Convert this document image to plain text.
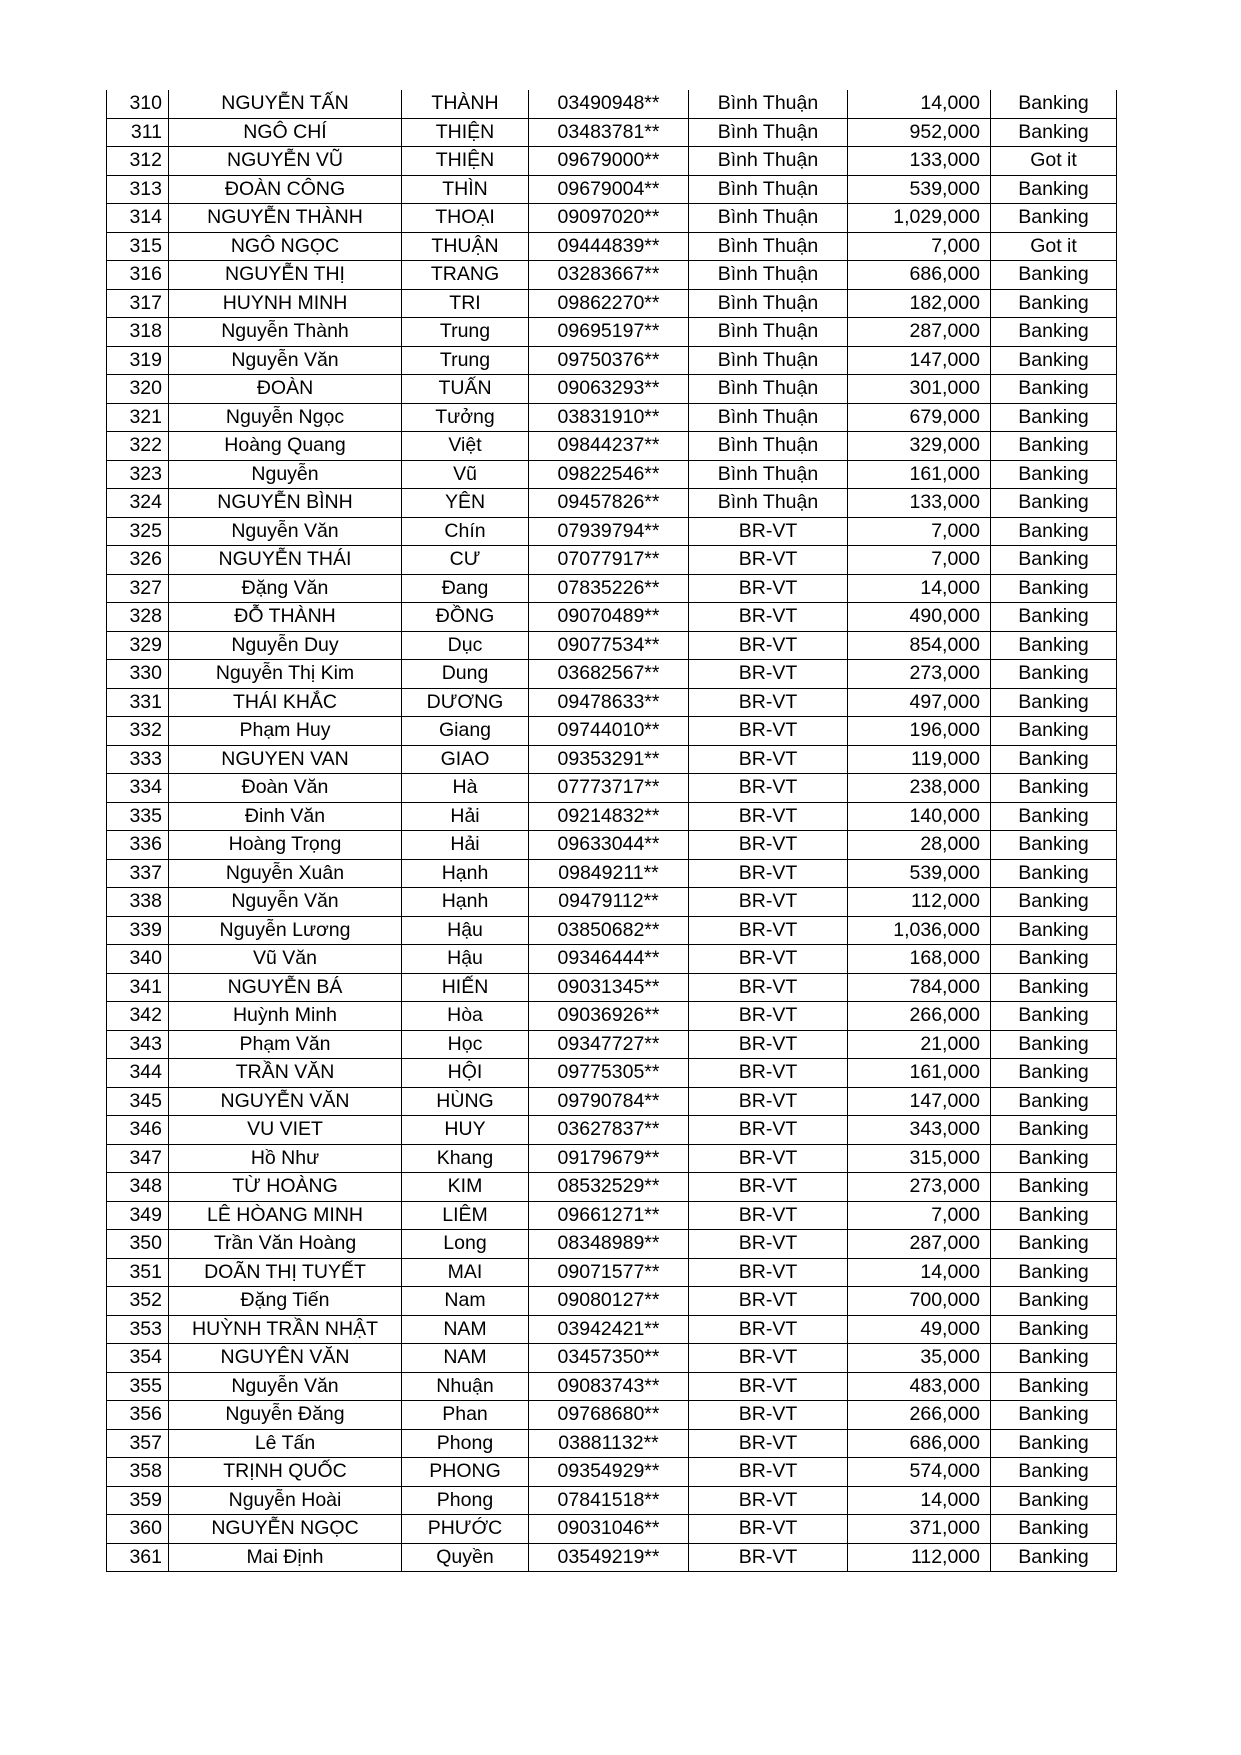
310	NGUYỄN TẤN	THÀNH	03490948**	Bình Thuận	14,000	Banking
311	NGÔ CHÍ	THIỆN	03483781**	Bình Thuận	952,000	Banking
312	NGUYỄN VŨ	THIỆN	09679000**	Bình Thuận	133,000	Got it
313	ĐOÀN CÔNG	THÌN	09679004**	Bình Thuận	539,000	Banking
314	NGUYỄN THÀNH	THOẠI	09097020**	Bình Thuận	1,029,000	Banking
315	NGÔ NGỌC	THUẬN	09444839**	Bình Thuận	7,000	Got it
316	NGUYỄN THỊ	TRANG	03283667**	Bình Thuận	686,000	Banking
317	HUYNH MINH	TRI	09862270**	Bình Thuận	182,000	Banking
318	Nguyễn Thành	Trung	09695197**	Bình Thuận	287,000	Banking
319	Nguyễn Văn	Trung	09750376**	Bình Thuận	147,000	Banking
320	ĐOÀN	TUẤN	09063293**	Bình Thuận	301,000	Banking
321	Nguyễn Ngọc	Tưởng	03831910**	Bình Thuận	679,000	Banking
322	Hoàng Quang	Việt	09844237**	Bình Thuận	329,000	Banking
323	Nguyễn	Vũ	09822546**	Bình Thuận	161,000	Banking
324	NGUYỄN BÌNH	YÊN	09457826**	Bình Thuận	133,000	Banking
325	Nguyễn Văn	Chín	07939794**	BR-VT	7,000	Banking
326	NGUYỄN THÁI	CƯ	07077917**	BR-VT	7,000	Banking
327	Đặng Văn	Đang	07835226**	BR-VT	14,000	Banking
328	ĐỖ THÀNH	ĐỒNG	09070489**	BR-VT	490,000	Banking
329	Nguyễn Duy	Dục	09077534**	BR-VT	854,000	Banking
330	Nguyễn Thị Kim	Dung	03682567**	BR-VT	273,000	Banking
331	THÁI KHẮC	DƯƠNG	09478633**	BR-VT	497,000	Banking
332	Phạm Huy	Giang	09744010**	BR-VT	196,000	Banking
333	NGUYEN VAN	GIAO	09353291**	BR-VT	119,000	Banking
334	Đoàn Văn	Hà	07773717**	BR-VT	238,000	Banking
335	Đinh Văn	Hải	09214832**	BR-VT	140,000	Banking
336	Hoàng Trọng	Hải	09633044**	BR-VT	28,000	Banking
337	Nguyễn Xuân	Hạnh	09849211**	BR-VT	539,000	Banking
338	Nguyễn Văn	Hạnh	09479112**	BR-VT	112,000	Banking
339	Nguyễn Lương	Hậu	03850682**	BR-VT	1,036,000	Banking
340	Vũ Văn	Hậu	09346444**	BR-VT	168,000	Banking
341	NGUYỄN BÁ	HIẾN	09031345**	BR-VT	784,000	Banking
342	Huỳnh Minh	Hòa	09036926**	BR-VT	266,000	Banking
343	Phạm Văn	Học	09347727**	BR-VT	21,000	Banking
344	TRẦN VĂN	HỘI	09775305**	BR-VT	161,000	Banking
345	NGUYỄN VĂN	HÙNG	09790784**	BR-VT	147,000	Banking
346	VU VIET	HUY	03627837**	BR-VT	343,000	Banking
347	Hồ Như	Khang	09179679**	BR-VT	315,000	Banking
348	TỪ HOÀNG	KIM	08532529**	BR-VT	273,000	Banking
349	LÊ HÒANG MINH	LIÊM	09661271**	BR-VT	7,000	Banking
350	Trần Văn Hoàng	Long	08348989**	BR-VT	287,000	Banking
351	DOÃN THỊ TUYẾT	MAI	09071577**	BR-VT	14,000	Banking
352	Đặng Tiến	Nam	09080127**	BR-VT	700,000	Banking
353	HUỲNH TRẦN NHẬT	NAM	03942421**	BR-VT	49,000	Banking
354	NGUYÊN VĂN	NAM	03457350**	BR-VT	35,000	Banking
355	Nguyễn Văn	Nhuận	09083743**	BR-VT	483,000	Banking
356	Nguyễn Đăng	Phan	09768680**	BR-VT	266,000	Banking
357	Lê Tấn	Phong	03881132**	BR-VT	686,000	Banking
358	TRỊNH QUỐC	PHONG	09354929**	BR-VT	574,000	Banking
359	Nguyễn Hoài	Phong	07841518**	BR-VT	14,000	Banking
360	NGUYỄN NGỌC	PHƯỚC	09031046**	BR-VT	371,000	Banking
361	Mai Định	Quyền	03549219**	BR-VT	112,000	Banking
